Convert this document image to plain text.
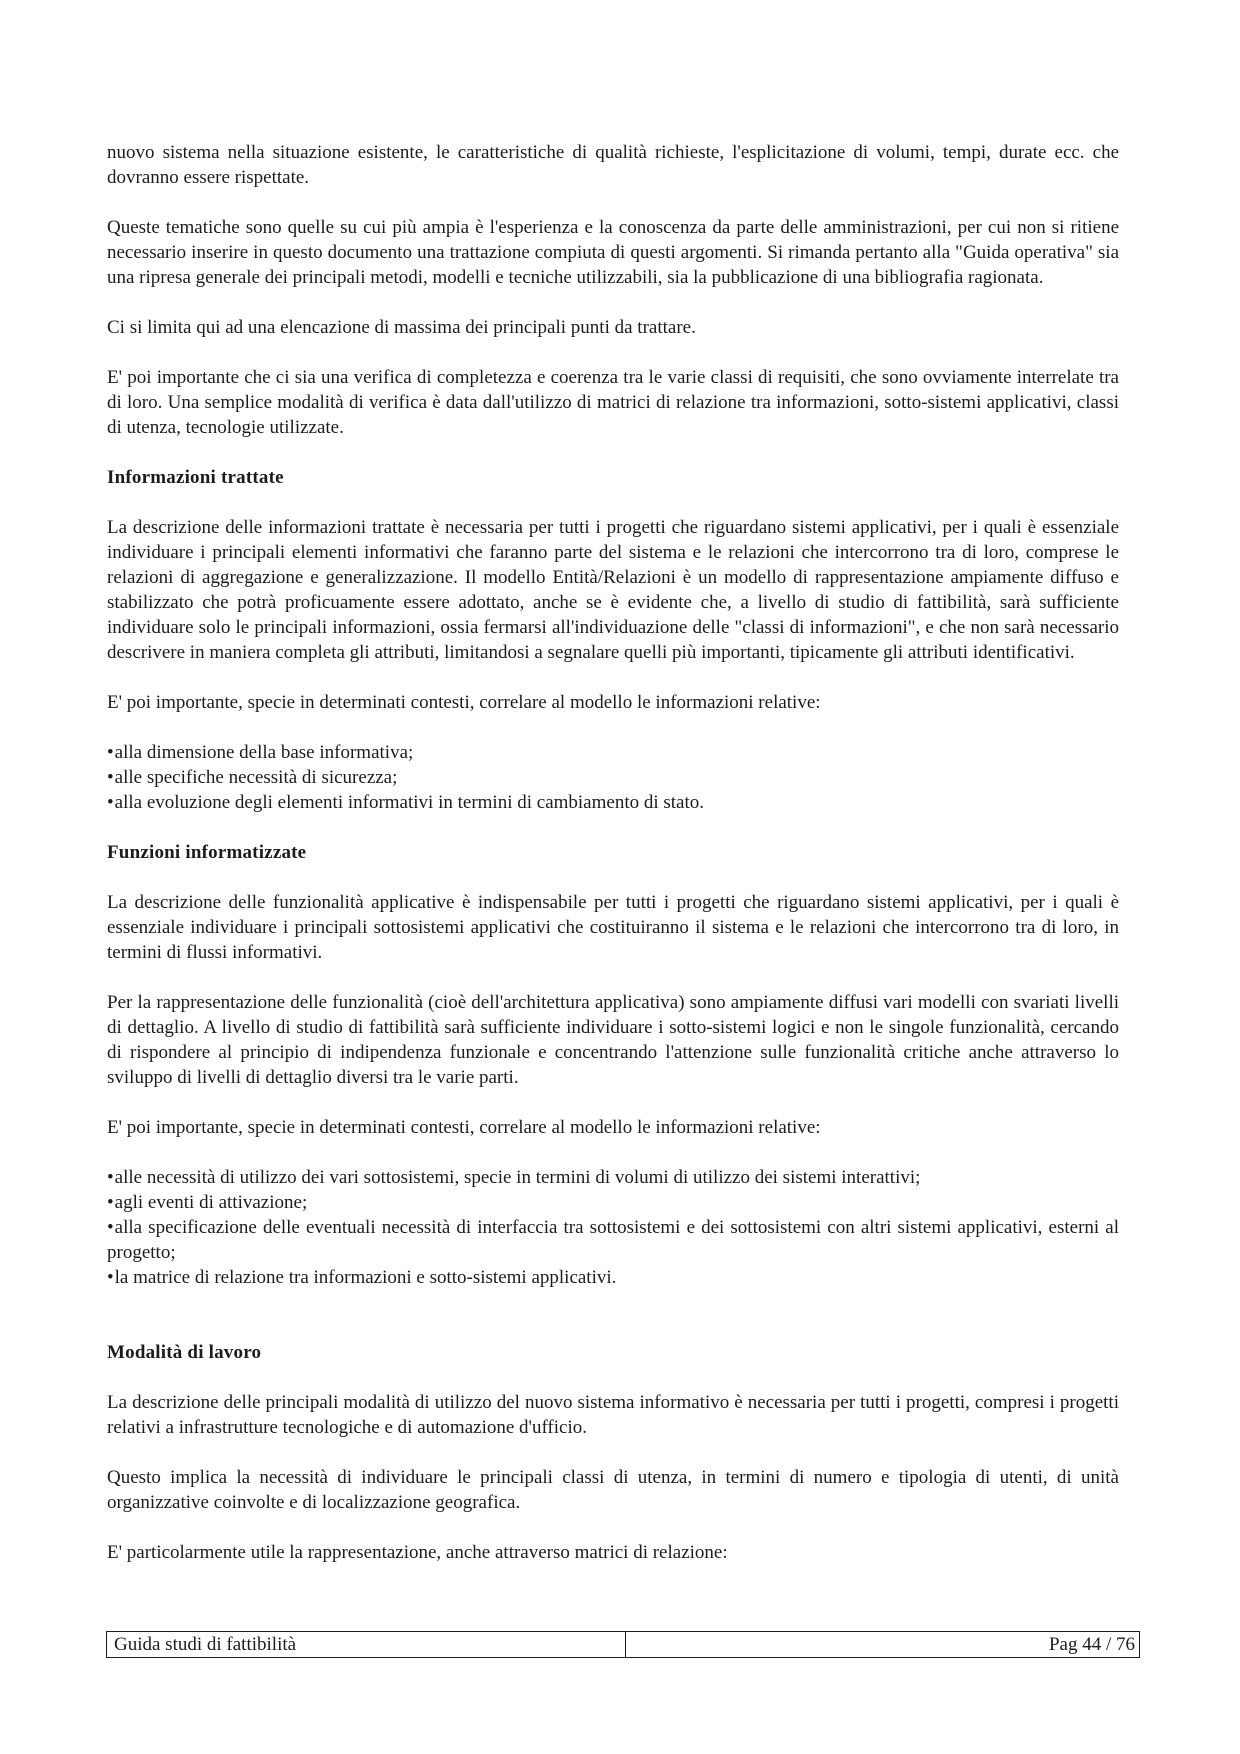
nuovo sistema nella situazione esistente, le caratteristiche di qualità richieste, l'esplicitazione di volumi, tempi, durate ecc. che dovranno essere rispettate.

Queste tematiche sono quelle su cui più ampia è l'esperienza e la conoscenza da parte delle amministrazioni, per cui non si ritiene necessario inserire in questo documento una trattazione compiuta di questi argomenti. Si rimanda pertanto alla "Guida operativa" sia una ripresa generale dei principali metodi, modelli e tecniche utilizzabili, sia la pubblicazione di una bibliografia ragionata.

Ci si limita qui ad una elencazione di massima dei principali punti da trattare.

E' poi importante che ci sia una verifica di completezza e coerenza tra le varie classi di requisiti, che sono ovviamente interrelate tra di loro. Una semplice modalità di verifica è data dall'utilizzo di matrici di relazione tra informazioni, sotto-sistemi applicativi, classi di utenza, tecnologie utilizzate.

Informazioni trattate

La descrizione delle informazioni trattate è necessaria per tutti i progetti che riguardano sistemi applicativi, per i quali è essenziale individuare i principali elementi informativi che faranno parte del sistema e le relazioni che intercorrono tra di loro, comprese le relazioni di aggregazione e generalizzazione. Il modello Entità/Relazioni è un modello di rappresentazione ampiamente diffuso e stabilizzato che potrà proficuamente essere adottato, anche se è evidente che, a livello di studio di fattibilità, sarà sufficiente individuare solo le principali informazioni, ossia fermarsi all'individuazione delle "classi di informazioni", e che non sarà necessario descrivere in maniera completa gli attributi, limitandosi a segnalare quelli più importanti, tipicamente gli attributi identificativi.

E' poi importante, specie in determinati contesti, correlare al modello le informazioni relative:

• alla dimensione della base informativa;
• alle specifiche necessità di sicurezza;
• alla evoluzione degli elementi informativi in termini di cambiamento di stato.
Funzioni informatizzate

La descrizione delle funzionalità applicative è indispensabile per tutti i progetti che riguardano sistemi applicativi, per i quali è essenziale individuare i principali sottosistemi applicativi che costituiranno il sistema e le relazioni che intercorrono tra di loro, in termini di flussi informativi.

Per la rappresentazione delle funzionalità (cioè dell'architettura applicativa) sono ampiamente diffusi vari modelli con svariati livelli di dettaglio. A livello di studio di fattibilità sarà sufficiente individuare i sotto-sistemi logici e non le singole funzionalità, cercando di rispondere al principio di indipendenza funzionale e concentrando l'attenzione sulle funzionalità critiche anche attraverso lo sviluppo di livelli di dettaglio diversi tra le varie parti.

E' poi importante, specie in determinati contesti, correlare al modello le informazioni relative:

• alle necessità di utilizzo dei vari sottosistemi, specie in termini di volumi di utilizzo dei sistemi interattivi;
• agli eventi di attivazione;
• alla specificazione delle eventuali necessità di interfaccia tra sottosistemi e dei sottosistemi con altri sistemi applicativi, esterni al progetto;
• la matrice di relazione tra informazioni e sotto-sistemi applicativi.
Modalità di lavoro

La descrizione delle principali modalità di utilizzo del nuovo sistema informativo è necessaria per tutti i progetti, compresi i progetti relativi a infrastrutture tecnologiche e di automazione d'ufficio.

Questo implica la necessità di individuare le principali classi di utenza, in termini di numero e tipologia di utenti, di unità organizzative coinvolte e di localizzazione geografica.

E' particolarmente utile la rappresentazione, anche attraverso matrici di relazione:

Guida studi di fattibilità	Pag 44 / 76
